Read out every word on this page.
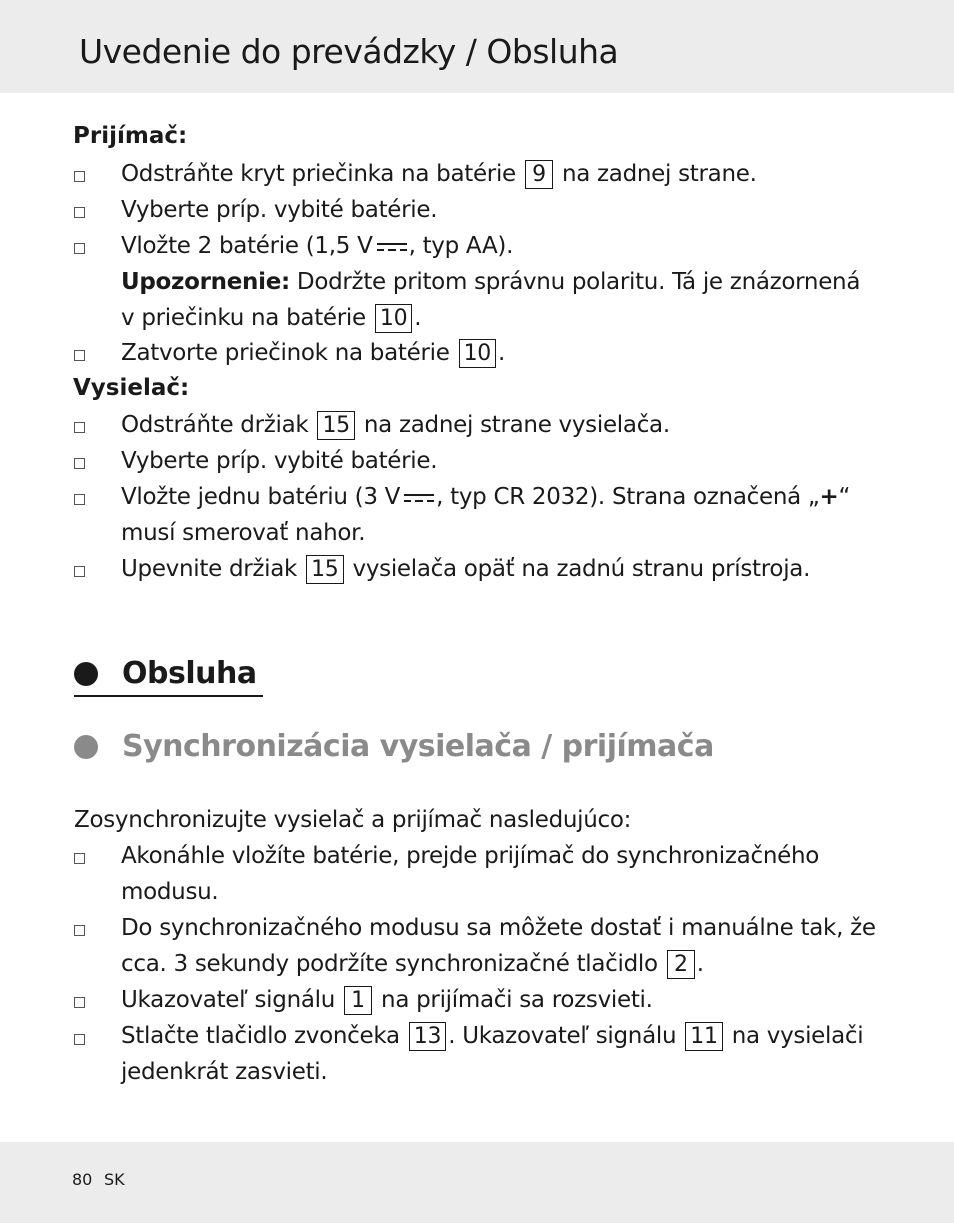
Uvedenie do prevádzky / Obsluha
Prijímač:
Odstráňte kryt priečinka na batérie 9 na zadnej strane.
Vyberte príp. vybité batérie.
Vložte 2 batérie (1,5 V , typ AA).
Upozornenie: Dodržte pritom správnu polaritu. Tá je znázornená
v priečinku na batérie 10 .
Zatvorte priečinok na batérie 10 .
Vysielač:
Odstráňte držiak 15 na zadnej strane vysielača.
Vyberte príp. vybité batérie.
Vložte jednu batériu (3 V , typ CR 2032). Strana označená „+“
musí smerovať nahor.
Upevnite držiak 15 vysielača opäť na zadnú stranu prístroja.
Obsluha
Synchronizácia vysielača / prijímača
Zosynchronizujte vysielač a prijímač nasledujúco:
Akonáhle vložíte batérie, prejde prijímač do synchronizačného
modusu.
Do synchronizačného modusu sa môžete dostať i manuálne tak, že
cca. 3 sekundy podržíte synchronizačné tlačidlo 2 .
Ukazovateľ signálu 1 na prijímači sa rozsvieti.
Stlačte tlačidlo zvončeka 13 . Ukazovateľ signálu 11 na vysielači
jedenkrát zasvieti.
80 SK
